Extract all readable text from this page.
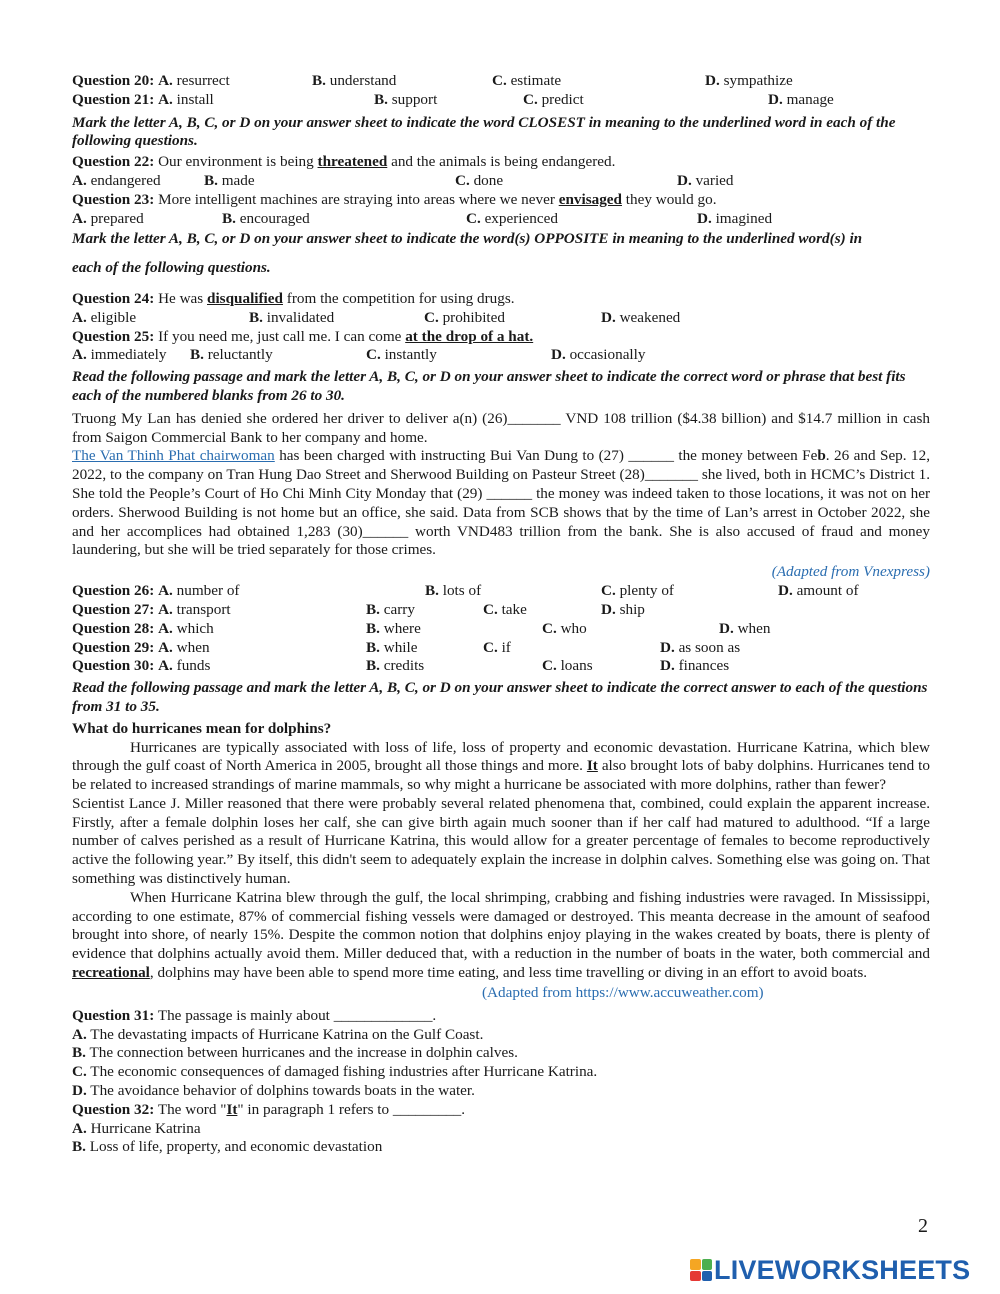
Question 20: A. resurrect	B. understand	C. estimate	D. sympathize
Question 21: A. install	B. support	C. predict	D. manage
Mark the letter A, B, C, or D on your answer sheet to indicate the word CLOSEST in meaning to the underlined word in each of the following questions.
Question 22: Our environment is being threatened and the animals is being endangered.
A. endangered	B. made	C. done	D. varied
Question 23: More intelligent machines are straying into areas where we never envisaged they would go.
A. prepared	B. encouraged	C. experienced	D. imagined
Mark the letter A, B, C, or D on your answer sheet to indicate the word(s) OPPOSITE in meaning to the underlined word(s) in
each of the following questions.
Question 24: He was disqualified from the competition for using drugs.
A. eligible	B. invalidated	C. prohibited	D. weakened
Question 25: If you need me, just call me. I can come at the drop of a hat.
A. immediately B. reluctantly	C. instantly	D. occasionally
Read the following passage and mark the letter A, B, C, or D on your answer sheet to indicate the correct word or phrase that best fits each of the numbered blanks from 26 to 30.
Truong My Lan has denied she ordered her driver to deliver a(n) (26)_______ VND 108 trillion ($4.38 billion) and $14.7 million in cash from Saigon Commercial Bank to her company and home.
The Van Thinh Phat chairwoman has been charged with instructing Bui Van Dung to (27) ______ the money between Feb. 26 and Sep. 12, 2022, to the company on Tran Hung Dao Street and Sherwood Building on Pasteur Street (28)_______ she lived, both in HCMC’s District 1. She told the People’s Court of Ho Chi Minh City Monday that (29) ______ the money was indeed taken to those locations, it was not on her orders. Sherwood Building is not home but an office, she said. Data from SCB shows that by the time of Lan’s arrest in October 2022, she and her accomplices had obtained 1,283 (30)______ worth VND483 trillion from the bank. She is also accused of fraud and money laundering, but she will be tried separately for those crimes.
(Adapted from Vnexpress)
Question 26: A. number of	B. lots of	C. plenty of	D. amount of
Question 27: A. transport	B. carry	C. take	D. ship
Question 28: A. which	B. where	C. who	D. when
Question 29: A. when	B. while	C. if	D. as soon as
Question 30: A. funds	B. credits	C. loans	D. finances
Read the following passage and mark the letter A, B, C, or D on your answer sheet to indicate the correct answer to each of the questions from 31 to 35.
What do hurricanes mean for dolphins?
Hurricanes are typically associated with loss of life, loss of property and economic devastation. Hurricane Katrina, which blew through the gulf coast of North America in 2005, brought all those things and more. It also brought lots of baby dolphins. Hurricanes tend to be related to increased strandings of marine mammals, so why might a hurricane be associated with more dolphins, rather than fewer?
Scientist Lance J. Miller reasoned that there were probably several related phenomena that, combined, could explain the apparent increase. Firstly, after a female dolphin loses her calf, she can give birth again much sooner than if her calf had matured to adulthood. “If a large number of calves perished as a result of Hurricane Katrina, this would allow for a greater percentage of females to become reproductively active the following year.” By itself, this didn't seem to adequately explain the increase in dolphin calves. Something else was going on. That something was distinctively human.
When Hurricane Katrina blew through the gulf, the local shrimping, crabbing and fishing industries were ravaged. In Mississippi, according to one estimate, 87% of commercial fishing vessels were damaged or destroyed. This meanta decrease in the amount of seafood brought into shore, of nearly 15%. Despite the common notion that dolphins enjoy playing in the wakes created by boats, there is plenty of evidence that dolphins actually avoid them. Miller deduced that, with a reduction in the number of boats in the water, both commercial and recreational, dolphins may have been able to spend more time eating, and less time travelling or diving in an effort to avoid boats.
(Adapted from https://www.accuweather.com)
Question 31: The passage is mainly about _____________.
A. The devastating impacts of Hurricane Katrina on the Gulf Coast.
B. The connection between hurricanes and the increase in dolphin calves.
C. The economic consequences of damaged fishing industries after Hurricane Katrina.
D. The avoidance behavior of dolphins towards boats in the water.
Question 32: The word "It" in paragraph 1 refers to _________.
A. Hurricane Katrina
B. Loss of life, property, and economic devastation
2
LIVEWORKSHEETS
